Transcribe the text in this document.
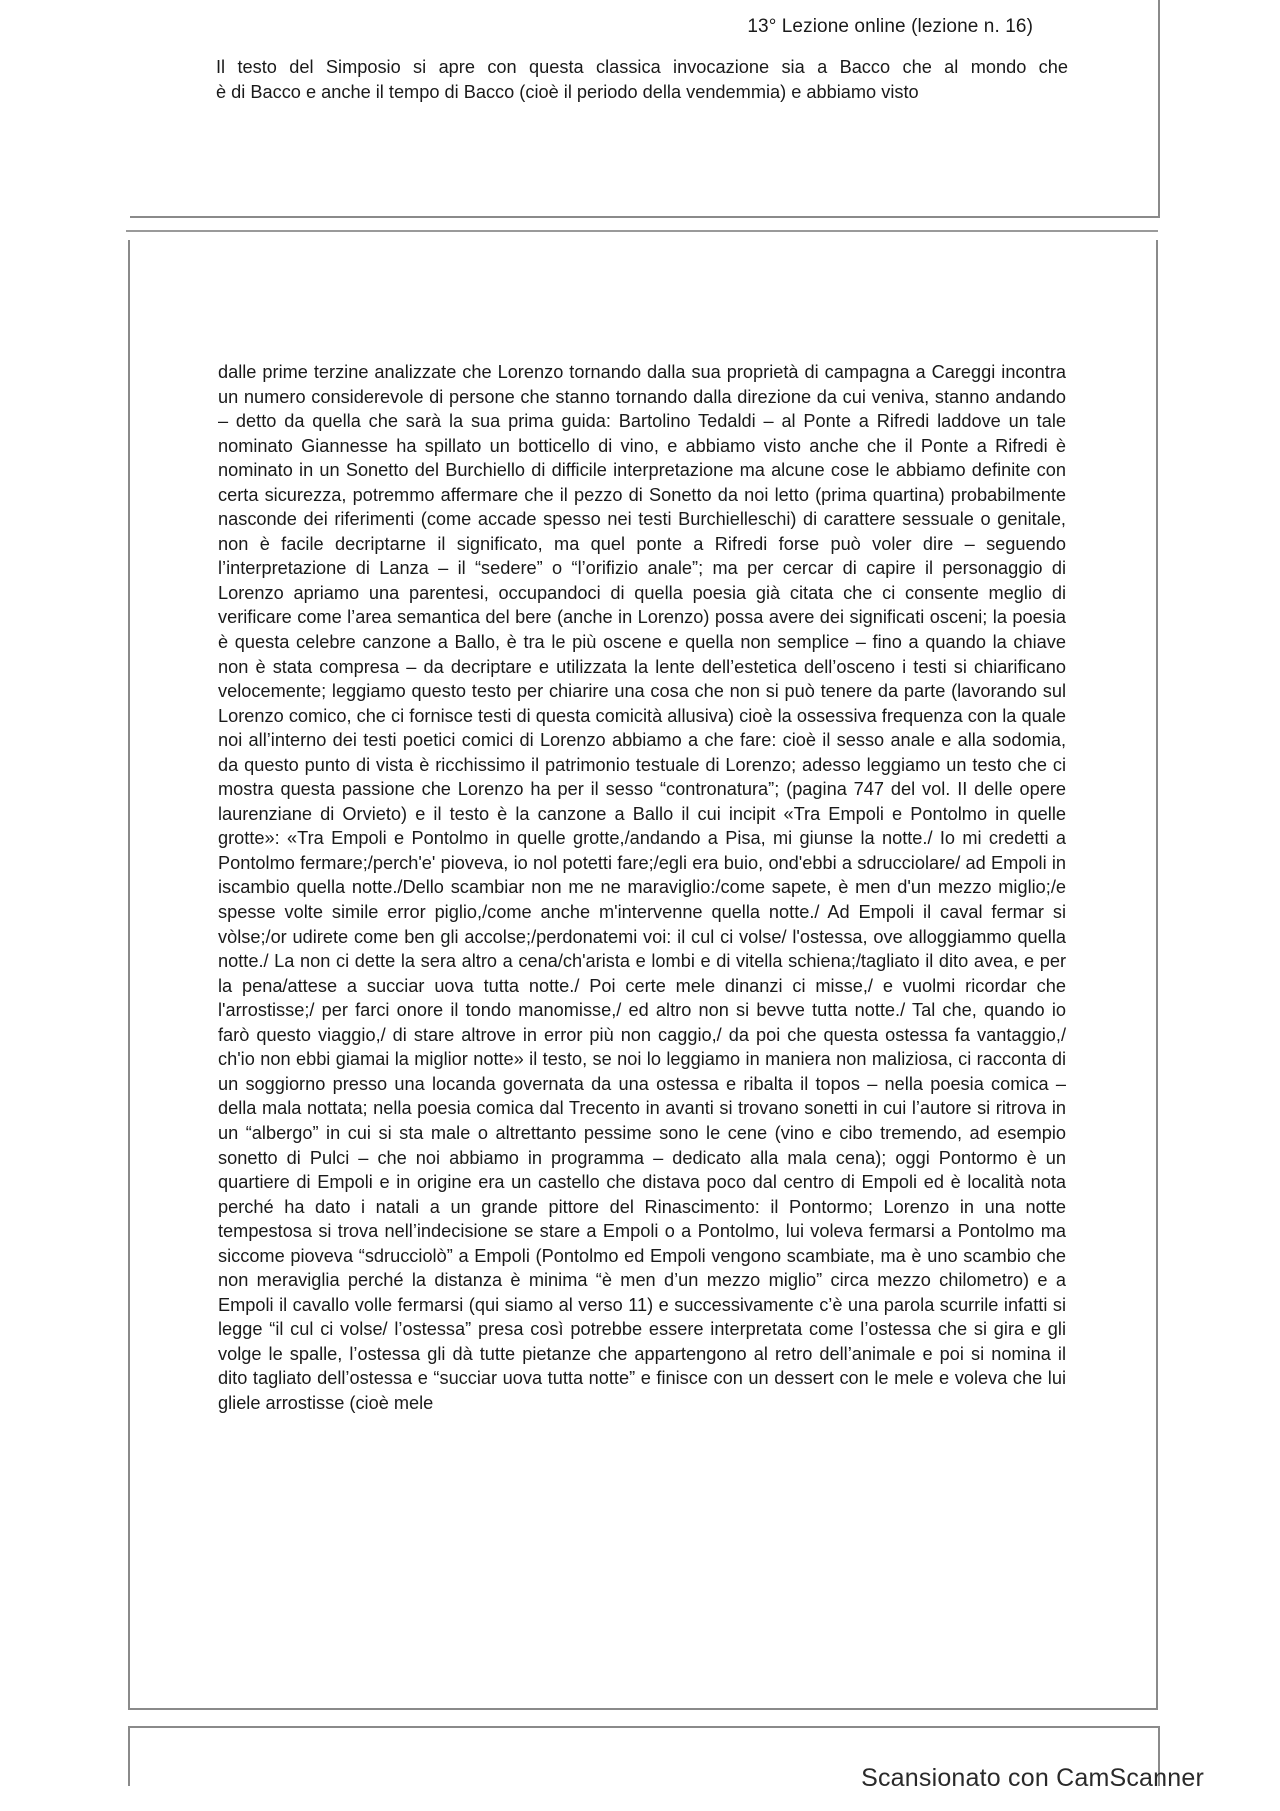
13° Lezione online (lezione n. 16)
Il testo del Simposio si apre con questa classica invocazione sia a Bacco che al mondo che
è di Bacco e anche il tempo di Bacco (cioè il periodo della vendemmia) e abbiamo visto

dalle prime terzine analizzate che Lorenzo tornando dalla sua proprietà di campagna a Careggi incontra un numero considerevole di persone che stanno tornando dalla direzione da cui veniva, stanno andando – detto da quella che sarà la sua prima guida: Bartolino Tedaldi – al Ponte a Rifredi laddove un tale nominato Giannesse ha spillato un botticello di vino, e abbiamo visto anche che il Ponte a Rifredi è nominato in un Sonetto del Burchiello di difficile interpretazione ma alcune cose le abbiamo definite con certa sicurezza, potremmo affermare che il pezzo di Sonetto da noi letto (prima quartina) probabilmente nasconde dei riferimenti (come accade spesso nei testi Burchielleschi) di carattere sessuale o genitale, non è facile decriptarne il significato, ma quel ponte a Rifredi forse può voler dire – seguendo l’interpretazione di Lanza – il “sedere” o “l’orifizio anale”; ma per cercar di capire il personaggio di Lorenzo apriamo una parentesi, occupandoci di quella poesia già citata che ci consente meglio di verificare come l’area semantica del bere (anche in Lorenzo) possa avere dei significati osceni; la poesia è questa celebre canzone a Ballo, è tra le più oscene e quella non semplice – fino a quando la chiave non è stata compresa – da decriptare e utilizzata la lente dell’estetica dell’osceno i testi si chiarificano velocemente; leggiamo questo testo per chiarire una cosa che non si può tenere da parte (lavorando sul Lorenzo comico, che ci fornisce testi di questa comicità allusiva) cioè la ossessiva frequenza con la quale noi all’interno dei testi poetici comici di Lorenzo abbiamo a che fare: cioè il sesso anale e alla sodomia, da questo punto di vista è ricchissimo il patrimonio testuale di Lorenzo; adesso leggiamo un testo che ci mostra questa passione che Lorenzo ha per il sesso “contronatura”; (pagina 747 del vol. II delle opere laurenziane di Orvieto) e il testo è la canzone a Ballo il cui incipit «Tra Empoli e Pontolmo in quelle grotte»: «Tra Empoli e Pontolmo in quelle grotte,/andando a Pisa, mi giunse la notte./ Io mi credetti a Pontolmo fermare;/perch'e' pioveva, io nol potetti fare;/egli era buio, ond'ebbi a sdrucciolare/ ad Empoli in iscambio quella notte./Dello scambiar non me ne maraviglio:/come sapete, è men d'un mezzo miglio;/e spesse volte simile error piglio,/come anche m'intervenne quella notte./ Ad Empoli il caval fermar si vòlse;/or udirete come ben gli accolse;/perdonatemi voi: il cul ci volse/ l'ostessa, ove alloggiammo quella notte./ La non ci dette la sera altro a cena/ch'arista e lombi e di vitella schiena;/tagliato il dito avea, e per la pena/attese a succiar uova tutta notte./ Poi certe mele dinanzi ci misse,/ e vuolmi ricordar che l'arrostisse;/ per farci onore il tondo manomisse,/ ed altro non si bevve tutta notte./ Tal che, quando io farò questo viaggio,/ di stare altrove in error più non caggio,/ da poi che questa ostessa fa vantaggio,/ ch'io non ebbi giamai la miglior notte» il testo, se noi lo leggiamo in maniera non maliziosa, ci racconta di un soggiorno presso una locanda governata da una ostessa e ribalta il topos – nella poesia comica – della mala nottata; nella poesia comica dal Trecento in avanti si trovano sonetti in cui l’autore si ritrova in un “albergo” in cui si sta male o altrettanto pessime sono le cene (vino e cibo tremendo, ad esempio sonetto di Pulci – che noi abbiamo in programma – dedicato alla mala cena); oggi Pontormo è un quartiere di Empoli e in origine era un castello che distava poco dal centro di Empoli ed è località nota perché ha dato i natali a un grande pittore del Rinascimento: il Pontormo; Lorenzo in una notte tempestosa si trova nell’indecisione se stare a Empoli o a Pontolmo, lui voleva fermarsi a Pontolmo ma siccome pioveva “sdrucciolò” a Empoli (Pontolmo ed Empoli vengono scambiate, ma è uno scambio che non meraviglia perché la distanza è minima “è men d’un mezzo miglio” circa mezzo chilometro) e a Empoli il cavallo volle fermarsi (qui siamo al verso 11) e successivamente c’è una parola scurrile infatti si legge “il cul ci volse/ l’ostessa” presa così potrebbe essere interpretata come l’ostessa che si gira e gli volge le spalle, l’ostessa gli dà tutte pietanze che appartengono al retro dell’animale e poi si nomina il dito tagliato dell’ostessa e “succiar uova tutta notte” e finisce con un dessert con le mele e voleva che lui gliele arrostisse (cioè mele

Scansionato con CamScanner
